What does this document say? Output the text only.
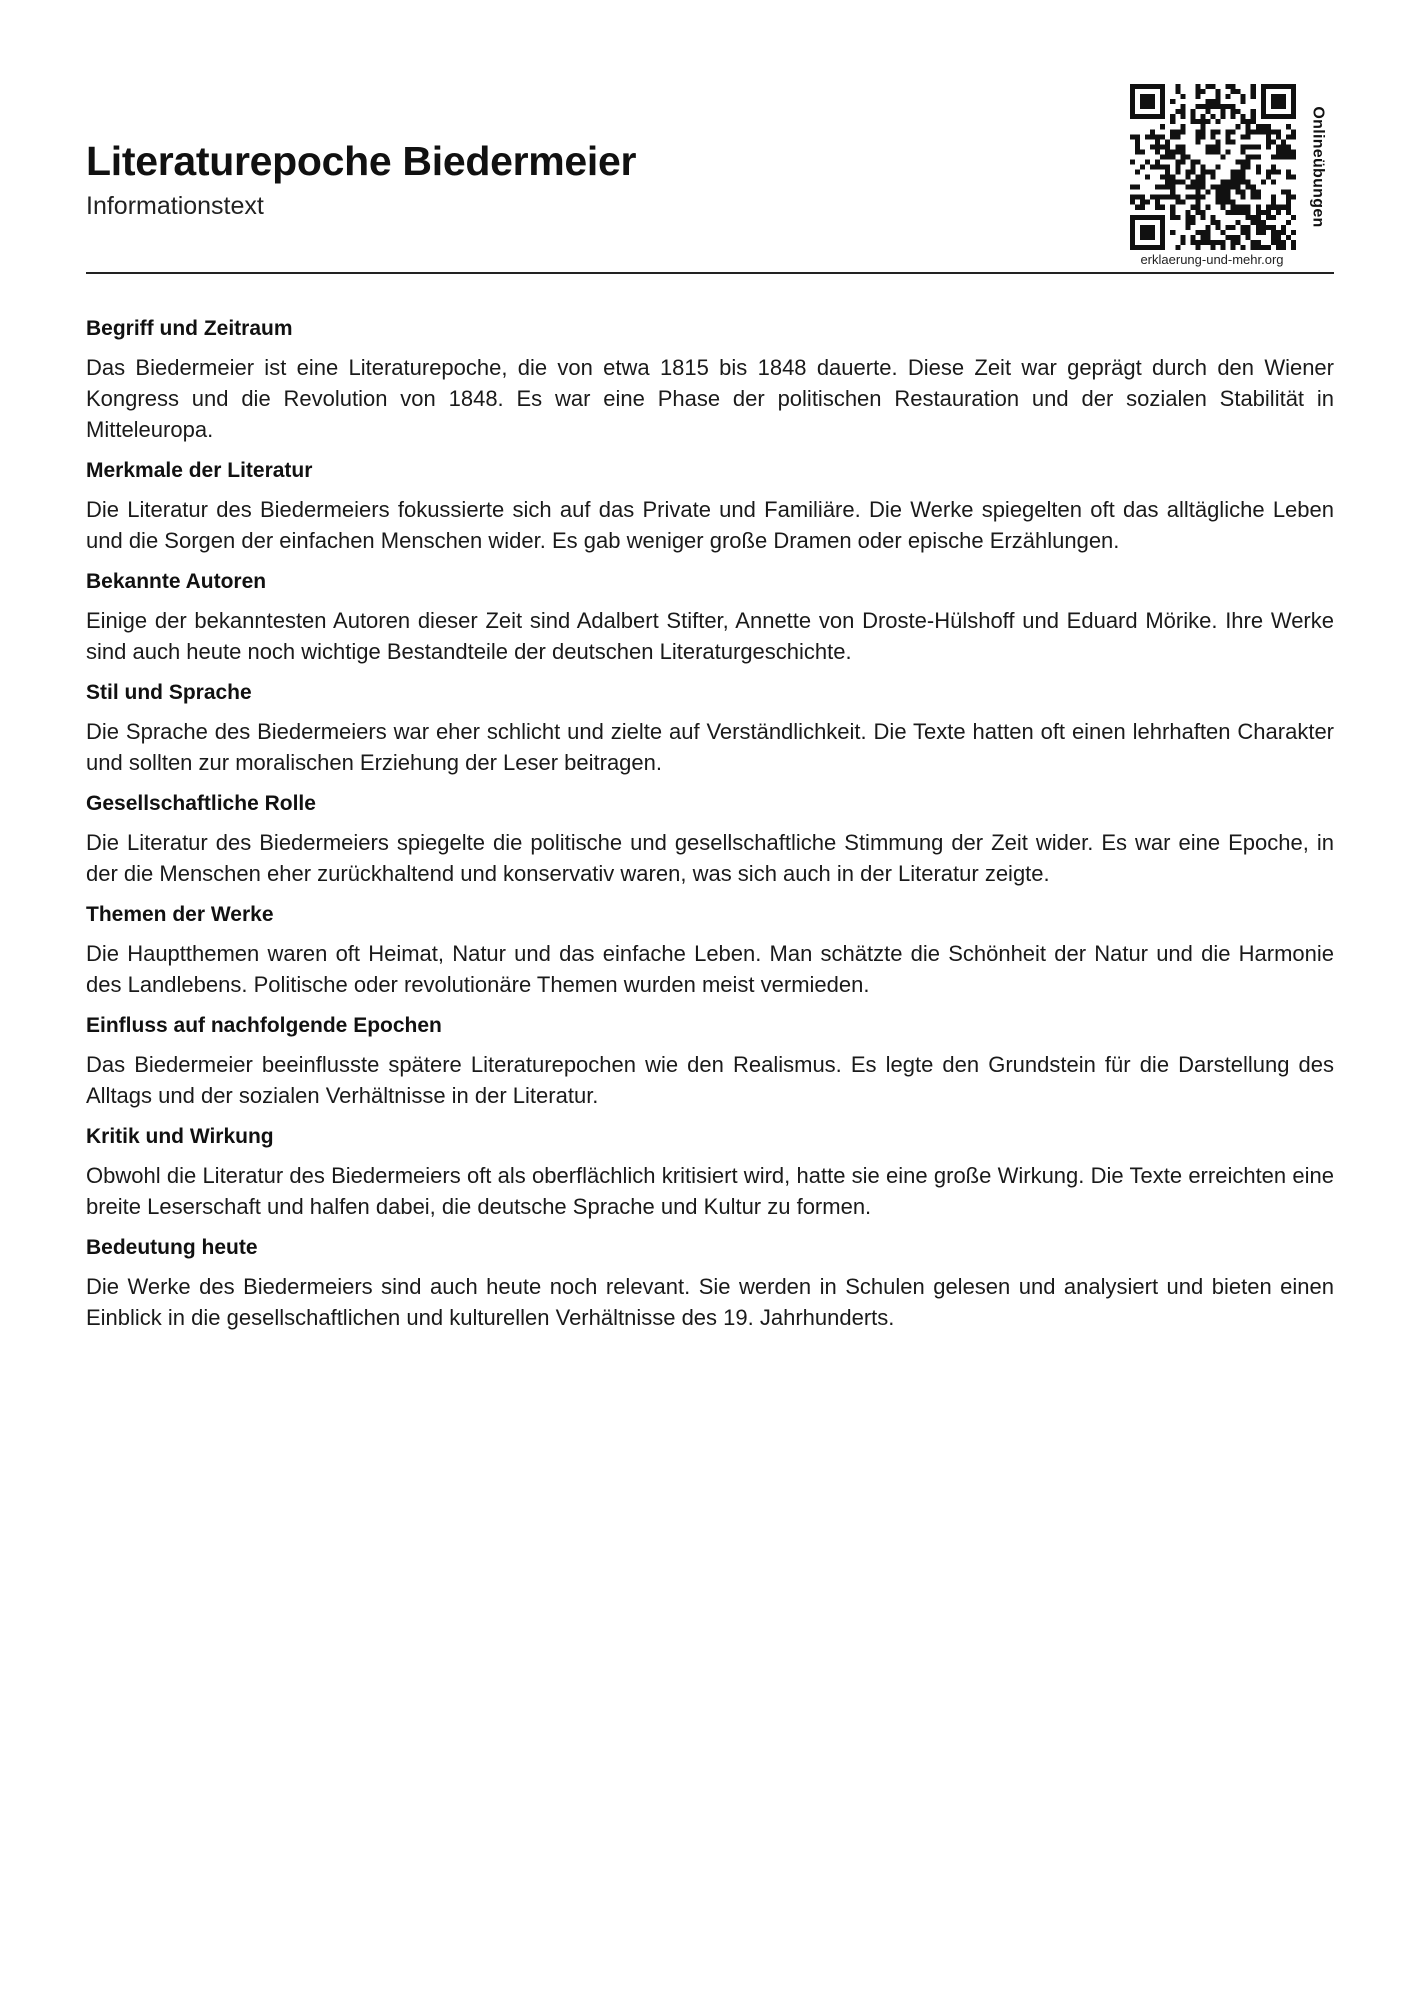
Literaturepoche Biedermeier
Informationstext	Onlineübungen
erklaerung-und-mehr.org
Begriff und Zeitraum

Das Biedermeier ist eine Literaturepoche, die von etwa 1815 bis 1848 dauerte. Diese Zeit war geprägt durch den Wiener Kongress und die Revolution von 1848. Es war eine Phase der politischen Restauration und der sozialen Stabilität in Mitteleuropa.

Merkmale der Literatur

Die Literatur des Biedermeiers fokussierte sich auf das Private und Familiäre. Die Werke spiegelten oft das alltägliche Leben und die Sorgen der einfachen Menschen wider. Es gab weniger große Dramen oder epische Erzählungen.

Bekannte Autoren

Einige der bekanntesten Autoren dieser Zeit sind Adalbert Stifter, Annette von Droste-Hülshoff und Eduard Mörike. Ihre Werke sind auch heute noch wichtige Bestandteile der deutschen Literaturgeschichte.

Stil und Sprache

Die Sprache des Biedermeiers war eher schlicht und zielte auf Verständlichkeit. Die Texte hatten oft einen lehrhaften Charakter und sollten zur moralischen Erziehung der Leser beitragen.

Gesellschaftliche Rolle

Die Literatur des Biedermeiers spiegelte die politische und gesellschaftliche Stimmung der Zeit wider. Es war eine Epoche, in der die Menschen eher zurückhaltend und konservativ waren, was sich auch in der Literatur zeigte.

Themen der Werke

Die Hauptthemen waren oft Heimat, Natur und das einfache Leben. Man schätzte die Schönheit der Natur und die Harmonie des Landlebens. Politische oder revolutionäre Themen wurden meist vermieden.

Einfluss auf nachfolgende Epochen

Das Biedermeier beeinflusste spätere Literaturepochen wie den Realismus. Es legte den Grundstein für die Darstellung des Alltags und der sozialen Verhältnisse in der Literatur.

Kritik und Wirkung

Obwohl die Literatur des Biedermeiers oft als oberflächlich kritisiert wird, hatte sie eine große Wirkung. Die Texte erreichten eine breite Leserschaft und halfen dabei, die deutsche Sprache und Kultur zu formen.

Bedeutung heute

Die Werke des Biedermeiers sind auch heute noch relevant. Sie werden in Schulen gelesen und analysiert und bieten einen Einblick in die gesellschaftlichen und kulturellen Verhältnisse des 19. Jahrhunderts.
